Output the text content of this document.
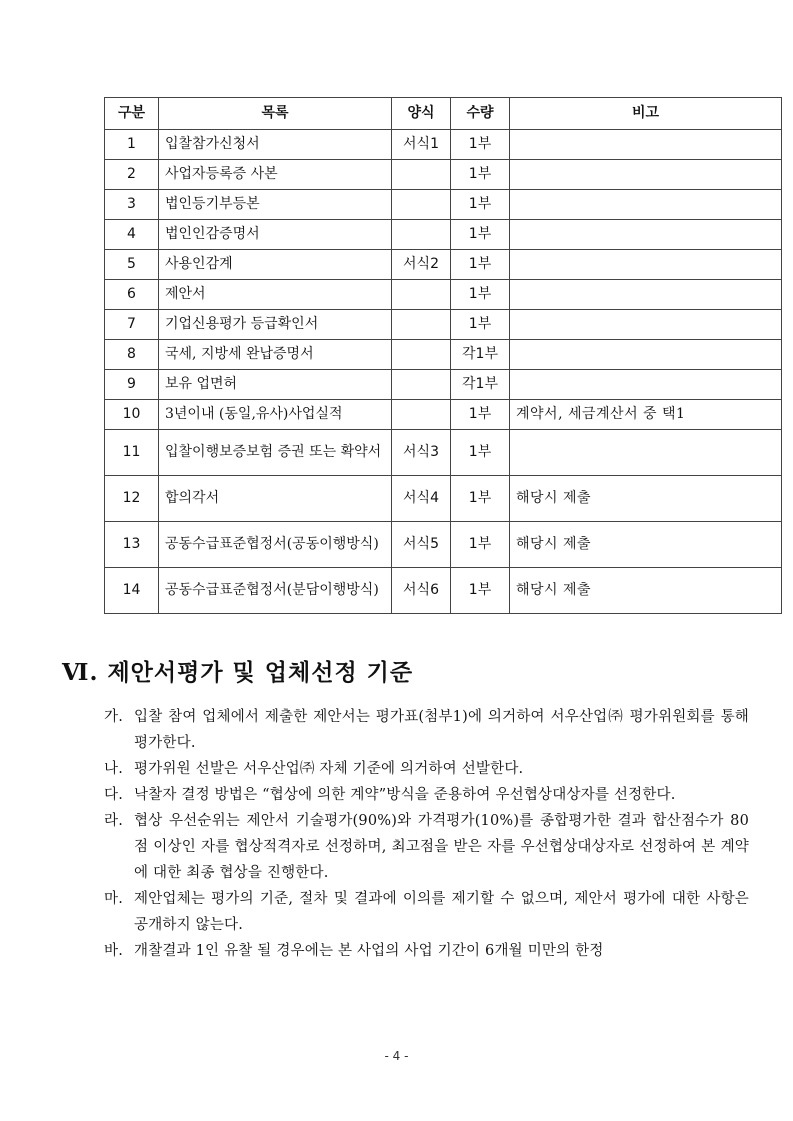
구분	목록	양식	수량	비고
1	입찰참가신청서	서식1	1부	
2	사업자등록증 사본		1부	
3	법인등기부등본		1부	
4	법인인감증명서		1부	
5	사용인감계	서식2	1부	
6	제안서		1부	
7	기업신용평가 등급확인서		1부	
8	국세, 지방세 완납증명서		각1부	
9	보유 업면허		각1부	
10	3년이내 (동일,유사)사업실적		1부	계약서, 세금계산서 중 택1
11	입찰이행보증보험 증권 또는 확약서	서식3	1부	
12	합의각서	서식4	1부	해당시 제출
13	공동수급표준협정서(공동이행방식)	서식5	1부	해당시 제출
14	공동수급표준협정서(분담이행방식)	서식6	1부	해당시 제출
Ⅵ. 제안서평가 및 업체선정 기준
가. 입찰 참여 업체에서 제출한 제안서는 평가표(첨부1)에 의거하여 서우산업㈜ 평가위원회를 통해 평가한다.
나. 평가위원 선발은 서우산업㈜ 자체 기준에 의거하여 선발한다.
다. 낙찰자 결정 방법은 “협상에 의한 계약”방식을 준용하여 우선협상대상자를 선정한다.
라. 협상 우선순위는 제안서 기술평가(90%)와 가격평가(10%)를 종합평가한 결과 합산점수가 80점 이상인 자를 협상적격자로 선정하며, 최고점을 받은 자를 우선협상대상자로 선정하여 본 계약에 대한 최종 협상을 진행한다.
마. 제안업체는 평가의 기준, 절차 및 결과에 이의를 제기할 수 없으며, 제안서 평가에 대한 사항은 공개하지 않는다.
바. 개찰결과 1인 유찰 될 경우에는 본 사업의 사업 기간이 6개월 미만의 한정
- 4 -
